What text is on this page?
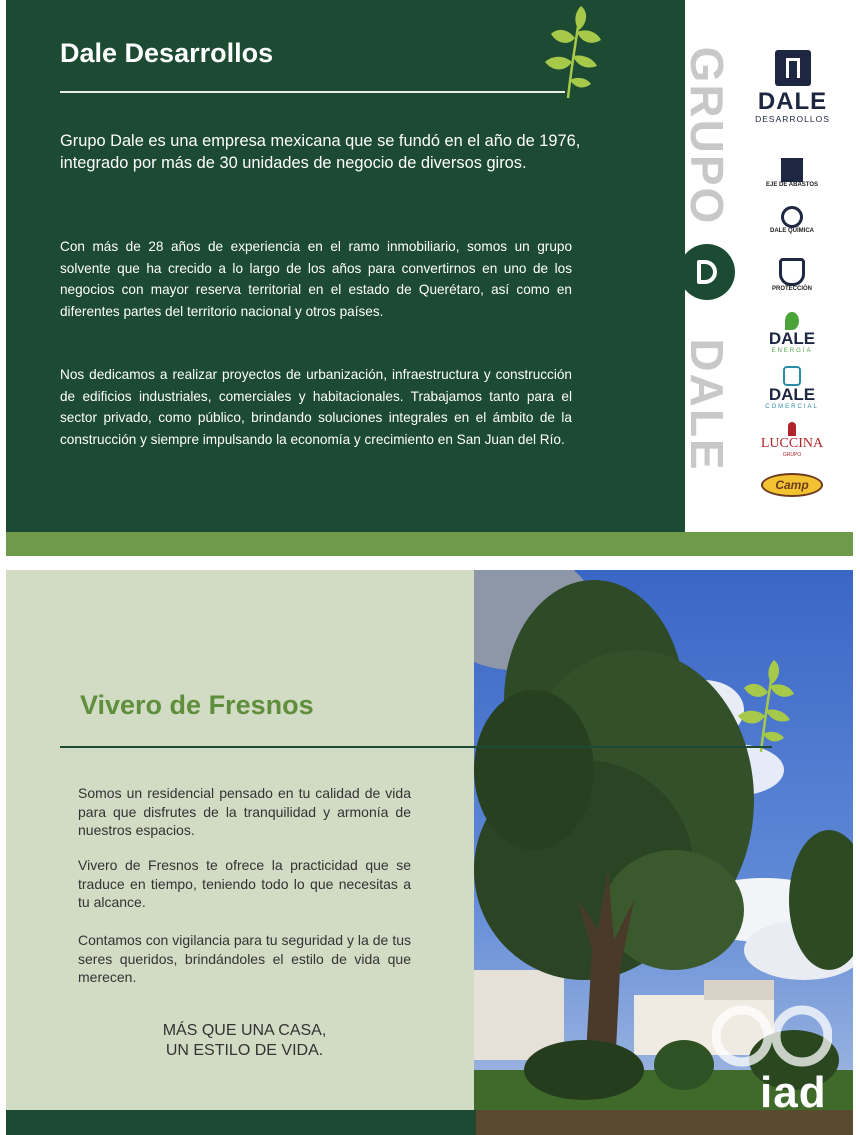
Dale Desarrollos

Grupo Dale es una empresa mexicana que se fundó en el año de 1976, integrado por más de 30 unidades de negocio de diversos giros.

Con más de 28 años de experiencia en el ramo inmobiliario, somos un grupo solvente que ha crecido a lo largo de los años para convertirnos en uno de los negocios con mayor reserva territorial en el estado de Querétaro, así como en diferentes partes del territorio nacional y otros países.

Nos dedicamos a realizar proyectos de urbanización, infraestructura y construcción de edificios industriales, comerciales y habitacionales. Trabajamos tanto para el sector privado, como público, brindando soluciones integrales en el ámbito de la construcción y siempre impulsando la economía y crecimiento en San Juan del Río.

GRUPO
DALE
DALE
DESARROLLOS
EJE DE ABASTOS
DALE QUÍMICA
PROTECCIÓN
DALE
ENERGÍA
DALE
COMERCIAL
LUCCINA
GRUPO
Camp
Vivero de Fresnos

Somos un residencial pensado en tu calidad de vida para que disfrutes de la tranquilidad y armonía de nuestros espacios.

Vivero de Fresnos te ofrece la practicidad que se traduce en tiempo, teniendo todo lo que necesitas a tu alcance.

Contamos con vigilancia para tu seguridad y la de tus seres queridos, brindándoles el estilo de vida que merecen.

MÁS QUE UNA CASA,
UN ESTILO DE VIDA.
iad
